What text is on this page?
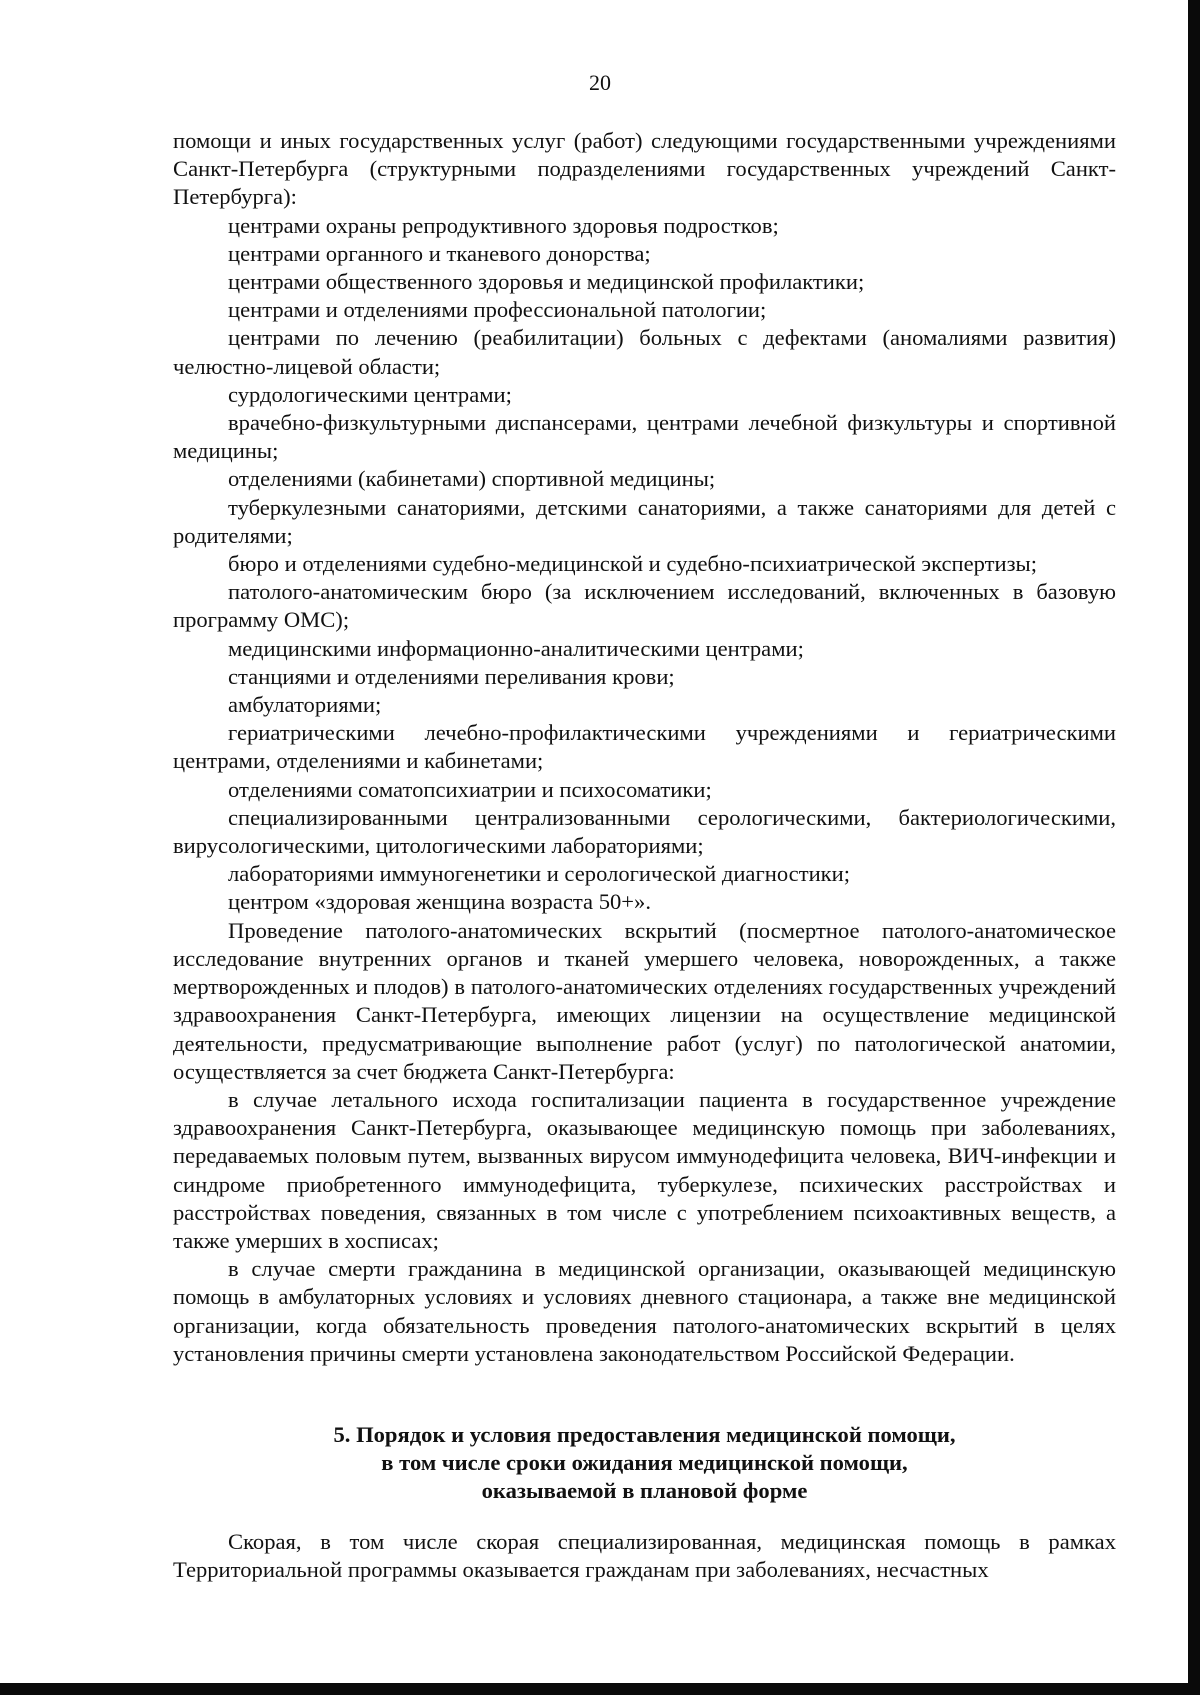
20

помощи и иных государственных услуг (работ) следующими государственными учреждениями Санкт-Петербурга (структурными подразделениями государственных учреждений Санкт-Петербурга):

центрами охраны репродуктивного здоровья подростков;

центрами органного и тканевого донорства;

центрами общественного здоровья и медицинской профилактики;

центрами и отделениями профессиональной патологии;

центрами по лечению (реабилитации) больных с дефектами (аномалиями развития) челюстно-лицевой области;

сурдологическими центрами;

врачебно-физкультурными диспансерами, центрами лечебной физкультуры и спортивной медицины;

отделениями (кабинетами) спортивной медицины;

туберкулезными санаториями, детскими санаториями, а также санаториями для детей с родителями;

бюро и отделениями судебно-медицинской и судебно-психиатрической экспертизы;

патолого-анатомическим бюро (за исключением исследований, включенных в базовую программу ОМС);

медицинскими информационно-аналитическими центрами;

станциями и отделениями переливания крови;

амбулаториями;

гериатрическими лечебно-профилактическими учреждениями и гериатрическими центрами, отделениями и кабинетами;

отделениями соматопсихиатрии и психосоматики;

специализированными централизованными серологическими, бактериологическими, вирусологическими, цитологическими лабораториями;

лабораториями иммуногенетики и серологической диагностики;

центром «здоровая женщина возраста 50+».

Проведение патолого-анатомических вскрытий (посмертное патолого-анатомическое исследование внутренних органов и тканей умершего человека, новорожденных, а также мертворожденных и плодов) в патолого-анатомических отделениях государственных учреждений здравоохранения Санкт-Петербурга, имеющих лицензии на осуществление медицинской деятельности, предусматривающие выполнение работ (услуг) по патологической анатомии, осуществляется за счет бюджета Санкт-Петербурга:

в случае летального исхода госпитализации пациента в государственное учреждение здравоохранения Санкт-Петербурга, оказывающее медицинскую помощь при заболеваниях, передаваемых половым путем, вызванных вирусом иммунодефицита человека, ВИЧ-инфекции и синдроме приобретенного иммунодефицита, туберкулезе, психических расстройствах и расстройствах поведения, связанных в том числе с употреблением психоактивных веществ, а также умерших в хосписах;

в случае смерти гражданина в медицинской организации, оказывающей медицинскую помощь в амбулаторных условиях и условиях дневного стационара, а также вне медицинской организации, когда обязательность проведения патолого-анатомических вскрытий в целях установления причины смерти установлена законодательством Российской Федерации.

5. Порядок и условия предоставления медицинской помощи,
в том числе сроки ожидания медицинской помощи,
оказываемой в плановой форме

Скорая, в том числе скорая специализированная, медицинская помощь в рамках Территориальной программы оказывается гражданам при заболеваниях, несчастных
